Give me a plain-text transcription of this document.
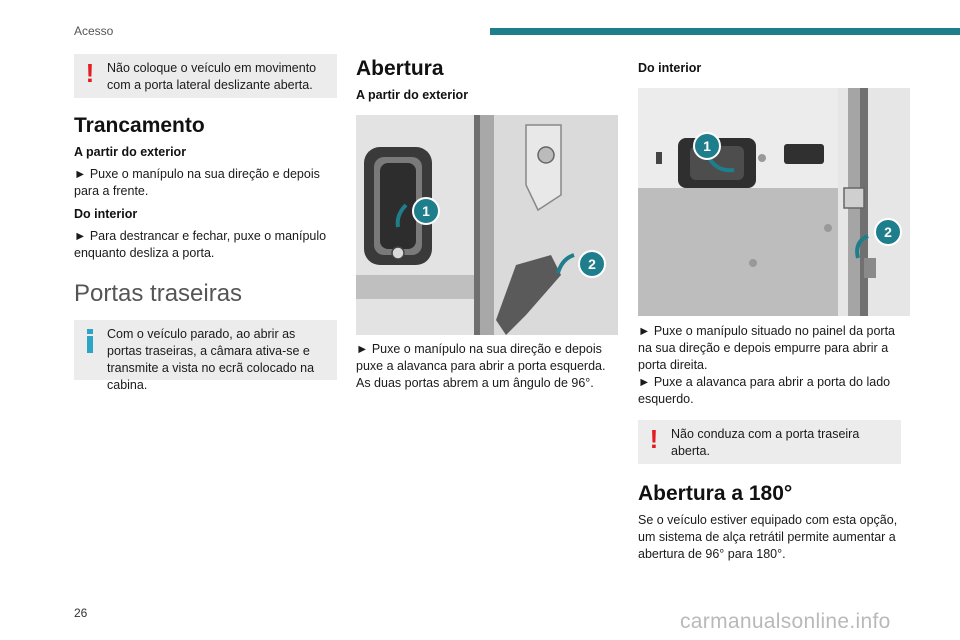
Acesso
! Não coloque o veículo em movimento com a porta lateral deslizante aberta.
Trancamento
A partir do exterior

► Puxe o manípulo na sua direção e depois para a frente.

Do interior

► Para destrancar e fechar, puxe o manípulo enquanto desliza a porta.

Portas traseiras
Com o veículo parado, ao abrir as portas traseiras, a câmara ativa-se e transmite a vista no ecrã colocado na cabina.
Abertura
A partir do exterior
1
2

► Puxe o manípulo na sua direção e depois puxe a alavanca para abrir a porta esquerda. As duas portas abrem a um ângulo de 96°.

Do interior
1
2

► Puxe o manípulo situado no painel da porta na sua direção e depois empurre para abrir a porta direita.

► Puxe a alavanca para abrir a porta do lado esquerdo.

! Não conduza com a porta traseira aberta.
Abertura a 180°

Se o veículo estiver equipado com esta opção, um sistema de alça retrátil permite aumentar a abertura de 96° para 180°.

26	carmanualsonline.info
